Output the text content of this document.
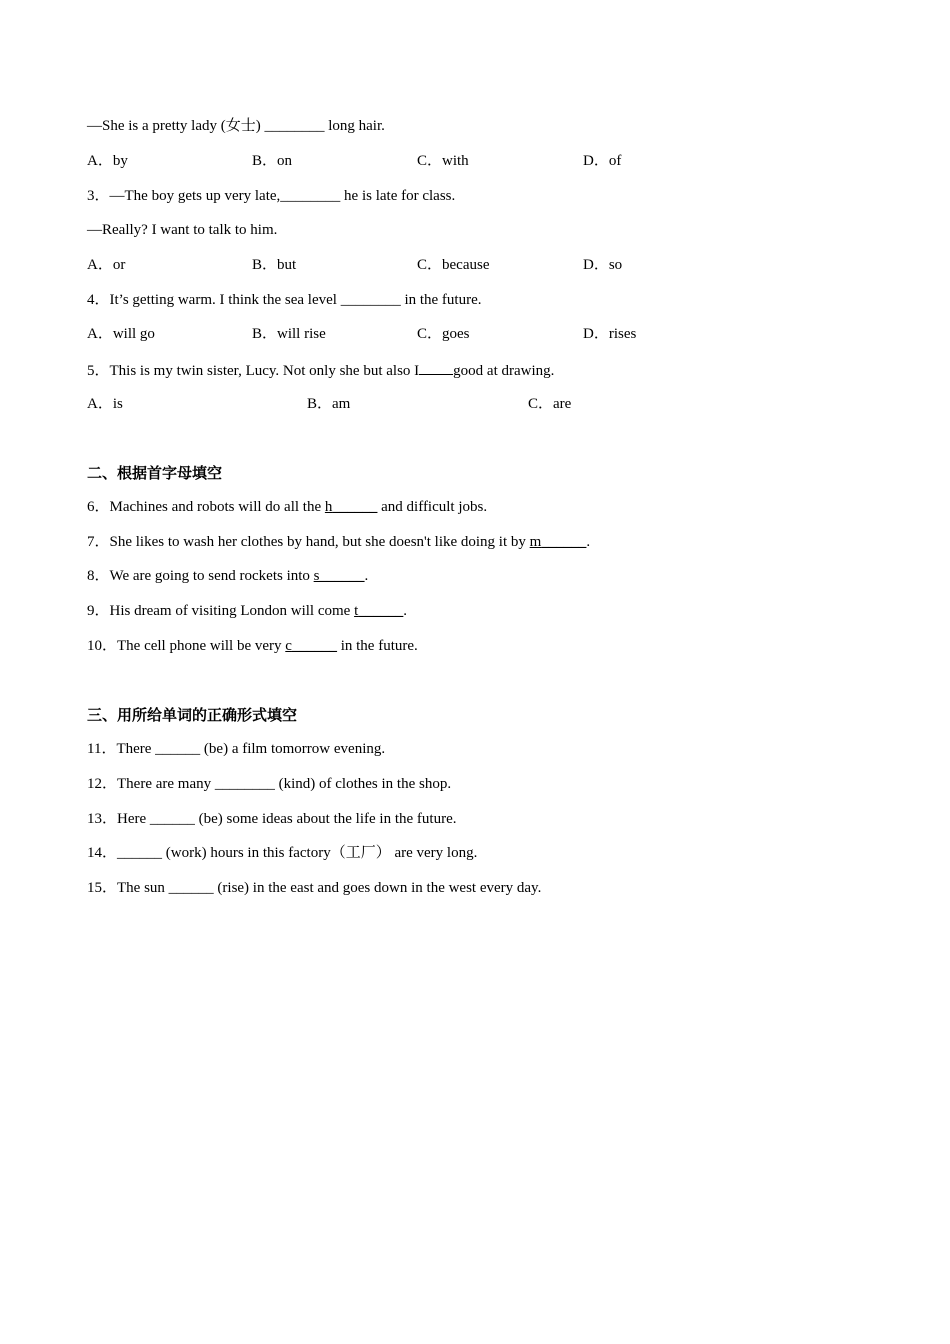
—She is a pretty lady (女士) ________ long hair.
A．by	B．on	C．with	D．of
3．—The boy gets up very late,________ he is late for class.
—Really? I want to talk to him.
A．or	B．but	C．because	D．so
4．It’s getting warm. I think the sea level ________ in the future.
A．will go	B．will rise	C．goes	D．rises
5．This is my twin sister, Lucy. Not only she but also I good at drawing.
A．is	B．am	C．are
二、根据首字母填空
6．Machines and robots will do all the h______ and difficult jobs.
7．She likes to wash her clothes by hand, but she doesn't like doing it by m______.
8．We are going to send rockets into s______.
9．His dream of visiting London will come t______.
10．The cell phone will be very c______ in the future.
三、用所给单词的正确形式填空
11．There ______ (be) a film tomorrow evening.
12．There are many ________ (kind) of clothes in the shop.
13．Here ______ (be) some ideas about the life in the future.
14．______ (work) hours in this factory（工厂） are very long.
15．The sun ______ (rise) in the east and goes down in the west every day.
